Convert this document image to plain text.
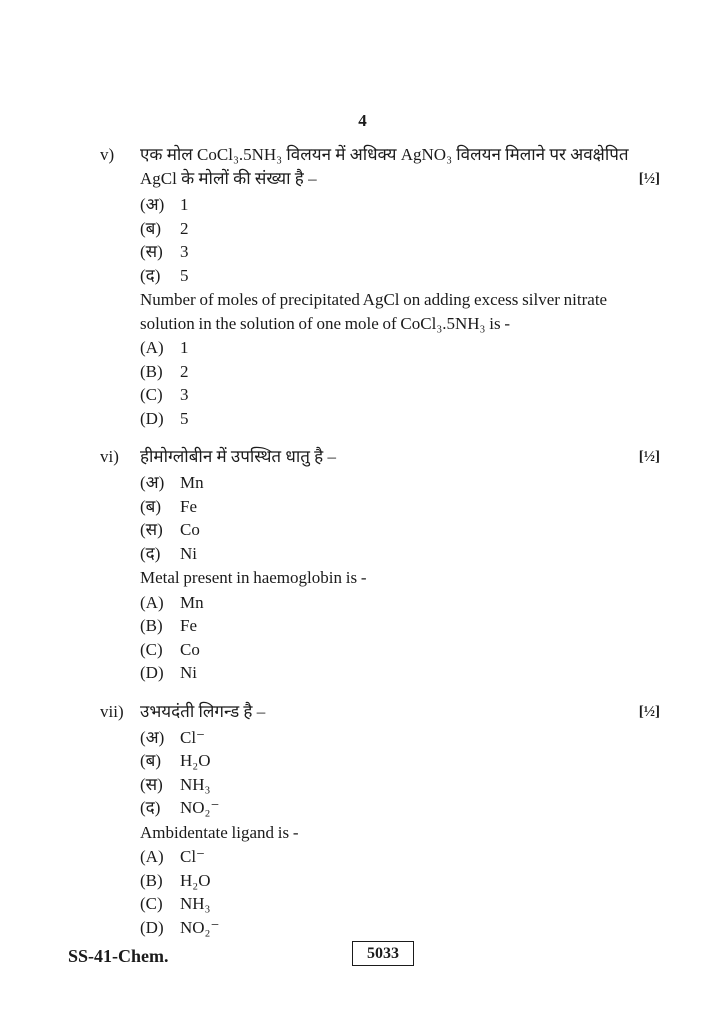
4
v)	एक मोल CoCl₃.5NH₃ विलयन में अधिक्य AgNO₃ विलयन मिलाने पर अवक्षेपित AgCl के मोलों की संख्या है –	[½]
(अ) 1
(ब)	2
(स)	3
(द)	5
Number of moles of precipitated AgCl on adding excess silver nitrate solution in the solution of one mole of CoCl₃.5NH₃ is -
(A) 1
(B)	2
(C)	3
(D) 5
vi)	हीमोग्लोबीन में उपस्थित धातु है –	[½]
(अ) Mn
(ब)	Fe
(स)	Co
(द)	Ni
Metal present in haemoglobin is -
(A) Mn
(B)	Fe
(C)	Co
(D) Ni
vii) उभयदंती लिगन्ड है –	[½]
(अ) Cl⁻
(ब)	H₂O
(स)	NH₃
(द)	NO₂⁻
Ambidentate ligand is -
(A) Cl⁻
(B)	H₂O
(C)	NH₃
(D) NO₂⁻
SS-41-Chem.	5033
